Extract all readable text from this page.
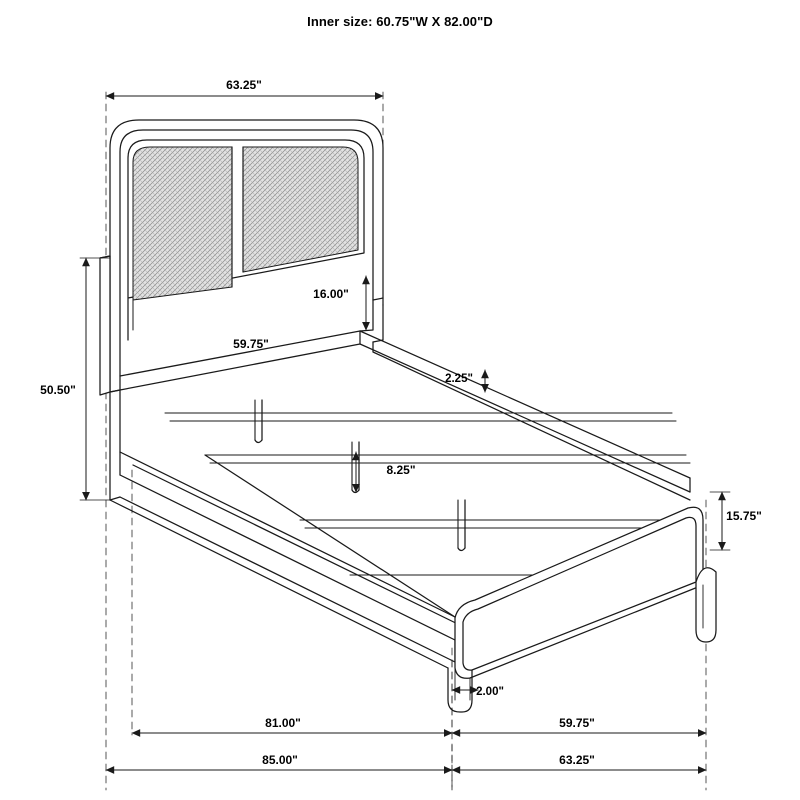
Inner size: 60.75"W X 82.00"D
63.25"
16.00"
59.75"
50.50"
2.25"
8.25"
15.75"
2.00"
81.00"	59.75"
85.00"	63.25"
